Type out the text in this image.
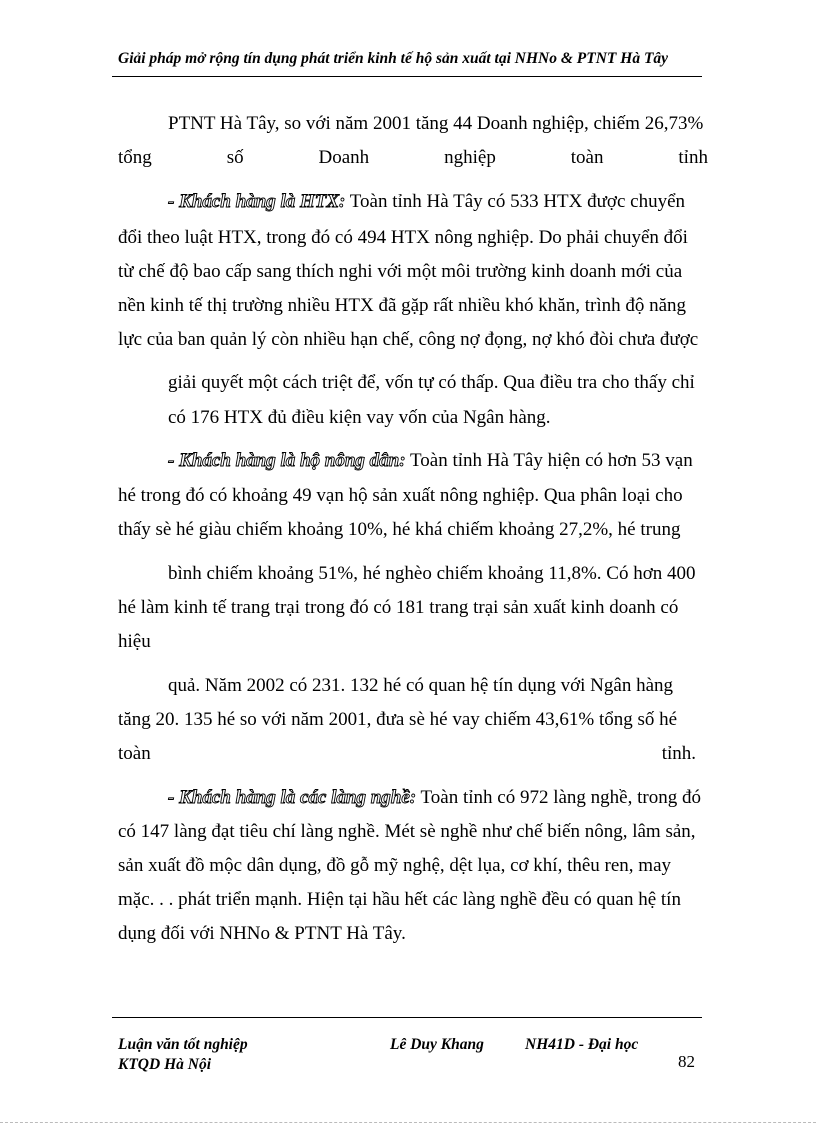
Giải pháp mở rộng tín dụng phát triển kinh tế hộ sản xuất tại NHNo & PTNT Hà Tây
PTNT Hà Tây, so với năm 2001 tăng 44 Doanh nghiệp, chiếm 26,73%
tổng	số	Doanh	nghiệp	toàn	tỉnh
- Khách hàng là HTX: Toàn tỉnh Hà Tây có 533 HTX được chuyển
đổi theo luật HTX, trong đó có 494 HTX nông nghiệp. Do phải chuyển đổi
từ chế độ bao cấp sang thích nghi với một môi trường kinh doanh mới của
nền kinh tế thị trường nhiều HTX đã gặp rất nhiều khó khăn, trình độ năng
lực của ban quản lý còn nhiều hạn chế, công nợ đọng, nợ khó đòi chưa được
giải quyết một cách triệt để, vốn tự có thấp. Qua điều tra cho thấy chỉ
có 176 HTX đủ điều kiện vay vốn của Ngân hàng.
- Khách hàng là hộ nông dân: Toàn tỉnh Hà Tây hiện có hơn 53 vạn
hé trong đó có khoảng 49 vạn hộ sản xuất nông nghiệp. Qua phân loại cho
thấy sè hé giàu chiếm khoảng 10%, hé khá chiếm khoảng 27,2%, hé trung
bình chiếm khoảng 51%, hé nghèo chiếm khoảng 11,8%. Có hơn 400
hé làm kinh tế trang trại trong đó có 181 trang trại sản xuất kinh doanh có
hiệu
quả. Năm 2002 có 231. 132 hé có quan hệ tín dụng với Ngân hàng
tăng 20. 135 hé so với năm 2001, đưa sè hé vay chiếm 43,61% tổng số hé
toàn	tỉnh.
- Khách hàng là các làng nghề: Toàn tỉnh có 972 làng nghề, trong đó
có 147 làng đạt tiêu chí làng nghề. Mét sè nghề như chế biến nông, lâm sản,
sản xuất đồ mộc dân dụng, đồ gỗ mỹ nghệ, dệt lụa, cơ khí, thêu ren, may
mặc. . . phát triển mạnh. Hiện tại hầu hết các làng nghề đều có quan hệ tín
dụng đối với NHNo & PTNT Hà Tây.
Luận văn tốt nghiệp
KTQD Hà Nội
Lê Duy Khang	NH41D - Đại học
82
